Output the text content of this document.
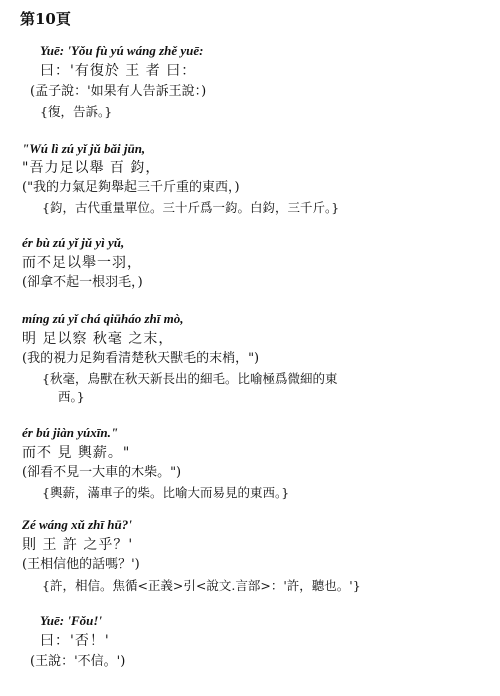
第10頁
Yuē: 'Yǒu fù yú wáng zhě yuē:
曰：'有復於 王 者 曰：
(孟子說：'如果有人告訴王說：)
{復，告訴。}
"Wú lì zú yǐ jǔ bǎi jūn,
"吾力足以舉 百 鈞，
("我的力氣足夠舉起三千斤重的東西，)
{鈞，古代重量單位。三十斤爲一鈞。白鈞，三千斤。}
ér bù zú yǐ jǔ yì yǔ,
而不足以舉一羽，
(卻拿不起一根羽毛，)
míng zú yǐ chá qiūháo zhī mò,
明 足以察 秋毫 之末，
(我的視力足夠看清楚秋天獸毛的末梢，")
{秋毫，鳥獸在秋天新長出的細毛。比喻極爲微細的東
西。}
ér bú jiàn yúxīn."
而不 見 輿薪。"
(卻看不見一大車的木柴。")
{輿薪，滿車子的柴。比喻大而易見的東西。}
Zé wáng xǔ zhī hū?'
則 王 許 之乎？'
(王相信他的話嗎？')
{許，相信。焦循<正義>引<說文.言部>：'許，聽也。'}
Yuē: 'Fǒu!'
曰：'否！'
(王說：'不信。')
